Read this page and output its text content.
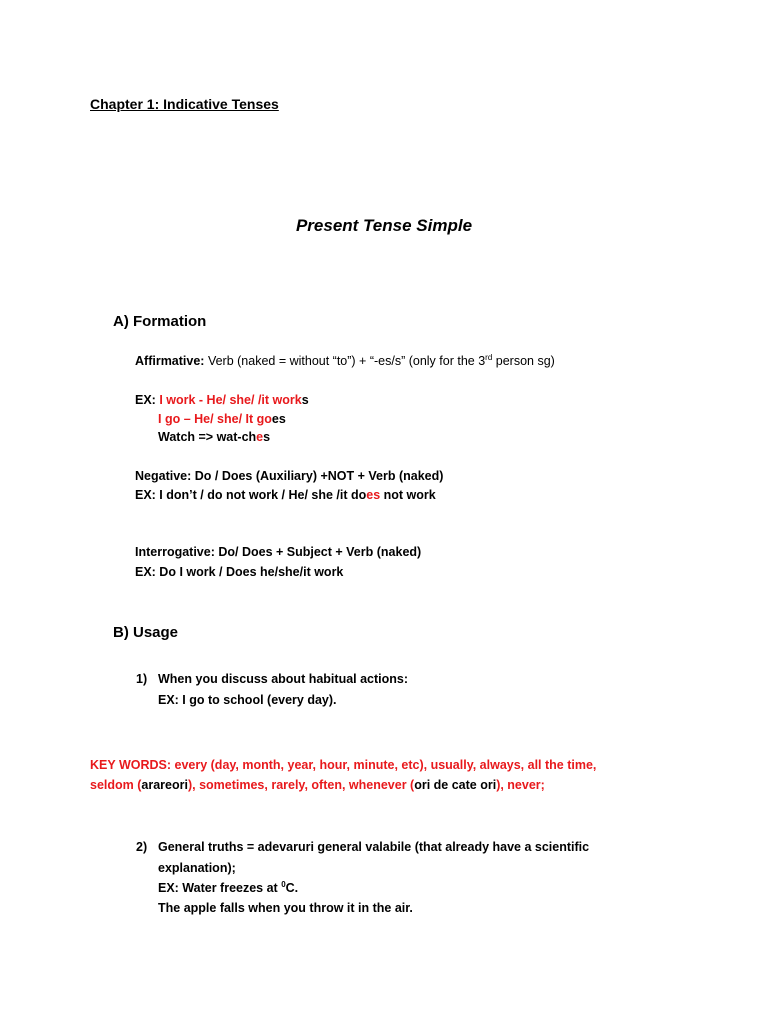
Chapter 1: Indicative Tenses
Present Tense Simple
A) Formation
Affirmative: Verb (naked = without “to”) + “-es/s” (only for the 3rd person sg)
EX: I work - He/ she/ /it works
I go – He/ she/ It goes
Watch => wat-ches
Negative: Do / Does (Auxiliary) +NOT + Verb (naked)
EX: I don’t / do not work / He/ she /it does not work
Interrogative: Do/ Does + Subject + Verb (naked)
EX: Do I work / Does he/she/it work
B) Usage
1) When you discuss about habitual actions:
EX: I go to school (every day).
KEY WORDS: every (day, month, year, hour, minute, etc), usually, always, all the time,
seldom (arareori), sometimes, rarely, often, whenever (ori de cate ori), never;
2) General truths = adevaruri general valabile (that already have a scientific
explanation);
EX: Water freezes at $^0$C.
The apple falls when you throw it in the air.
